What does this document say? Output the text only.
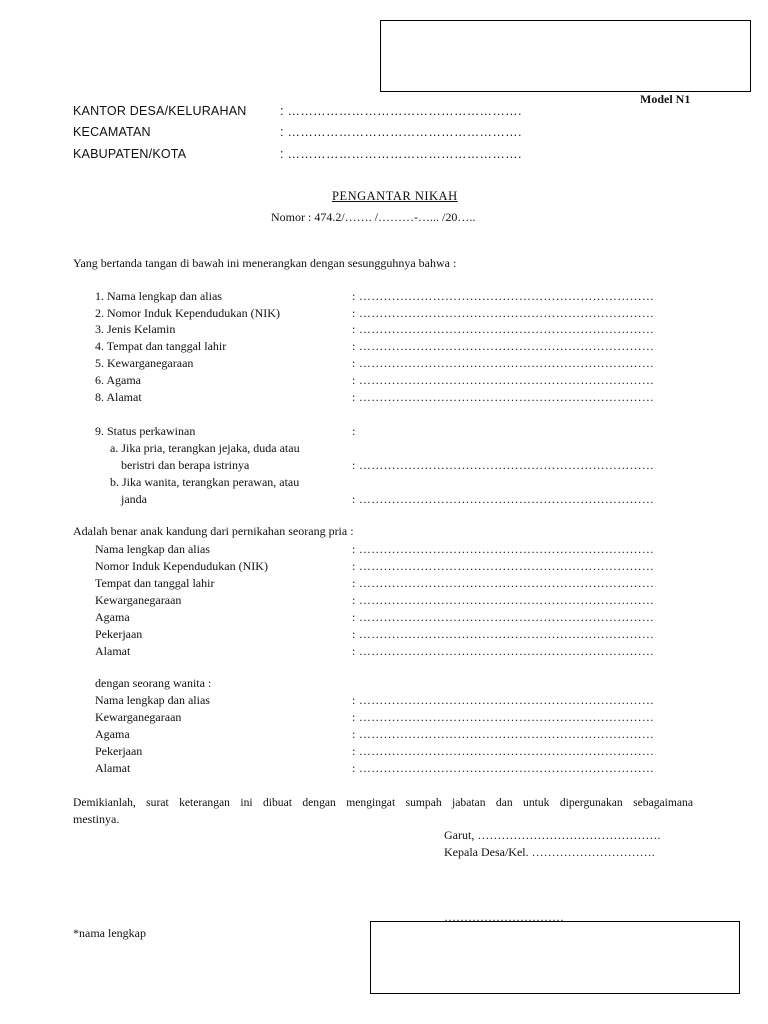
Model N1
KANTOR DESA/KELURAHAN	: ……………………………………………….
KECAMATAN	: ……………………………………………….
KABUPATEN/KOTA	: ……………………………………………….
PENGANTAR NIKAH
Nomor : 474.2/……. /………-…... /20…..
Yang bertanda tangan di bawah ini menerangkan dengan sesungguhnya bahwa :
1. Nama lengkap dan alias	: ………………………………………………………………
2. Nomor Induk Kependudukan (NIK)	: ………………………………………………………………
3. Jenis Kelamin	: ………………………………………………………………
4. Tempat dan tanggal lahir	: ………………………………………………………………
5. Kewarganegaraan	: ………………………………………………………………
6. Agama	: ………………………………………………………………
8. Alamat	: ………………………………………………………………
9. Status perkawinan	:
a. Jika pria, terangkan jejaka, duda atau
beristri dan berapa istrinya	: ………………………………………………………………
b. Jika wanita, terangkan perawan, atau
janda	: ………………………………………………………………
Adalah benar anak kandung dari pernikahan seorang pria :
Nama lengkap dan alias	: ………………………………………………………………
Nomor Induk Kependudukan (NIK)	: ………………………………………………………………
Tempat dan tanggal lahir	: ………………………………………………………………
Kewarganegaraan	: ………………………………………………………………
Agama	: ………………………………………………………………
Pekerjaan	: ………………………………………………………………
Alamat	: ………………………………………………………………
dengan seorang wanita :
Nama lengkap dan alias	: ………………………………………………………………
Kewarganegaraan	: ………………………………………………………………
Agama	: ………………………………………………………………
Pekerjaan	: ………………………………………………………………
Alamat	: ………………………………………………………………
Demikianlah, surat keterangan ini dibuat dengan mengingat sumpah jabatan dan untuk dipergunakan sebagaimana
mestinya.
Garut, ……………………………………….
Kepala Desa/Kel. ………………………….
…………………………
*nama lengkap
